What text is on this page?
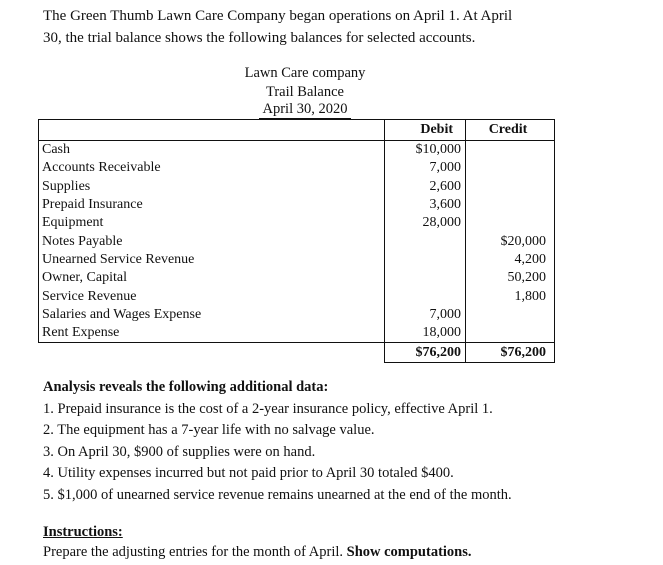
The Green Thumb Lawn Care Company began operations on April 1. At April
30, the trial balance shows the following balances for selected accounts.
Lawn Care company
Trail Balance
April 30, 2020
	Debit	Credit
Cash	$10,000	
Accounts Receivable	7,000	
Supplies	2,600	
Prepaid Insurance	3,600	
Equipment	28,000	
Notes Payable		$20,000
Unearned Service Revenue		4,200
Owner, Capital		50,200
Service Revenue		1,800
Salaries and Wages Expense	7,000	
Rent Expense	18,000	
	$76,200	$76,200
Analysis reveals the following additional data:
1. Prepaid insurance is the cost of a 2-year insurance policy, effective April 1.
2. The equipment has a 7-year life with no salvage value.
3. On April 30, $900 of supplies were on hand.
4. Utility expenses incurred but not paid prior to April 30 totaled $400.
5. $1,000 of unearned service revenue remains unearned at the end of the month.
Instructions:
Prepare the adjusting entries for the month of April. Show computations.
